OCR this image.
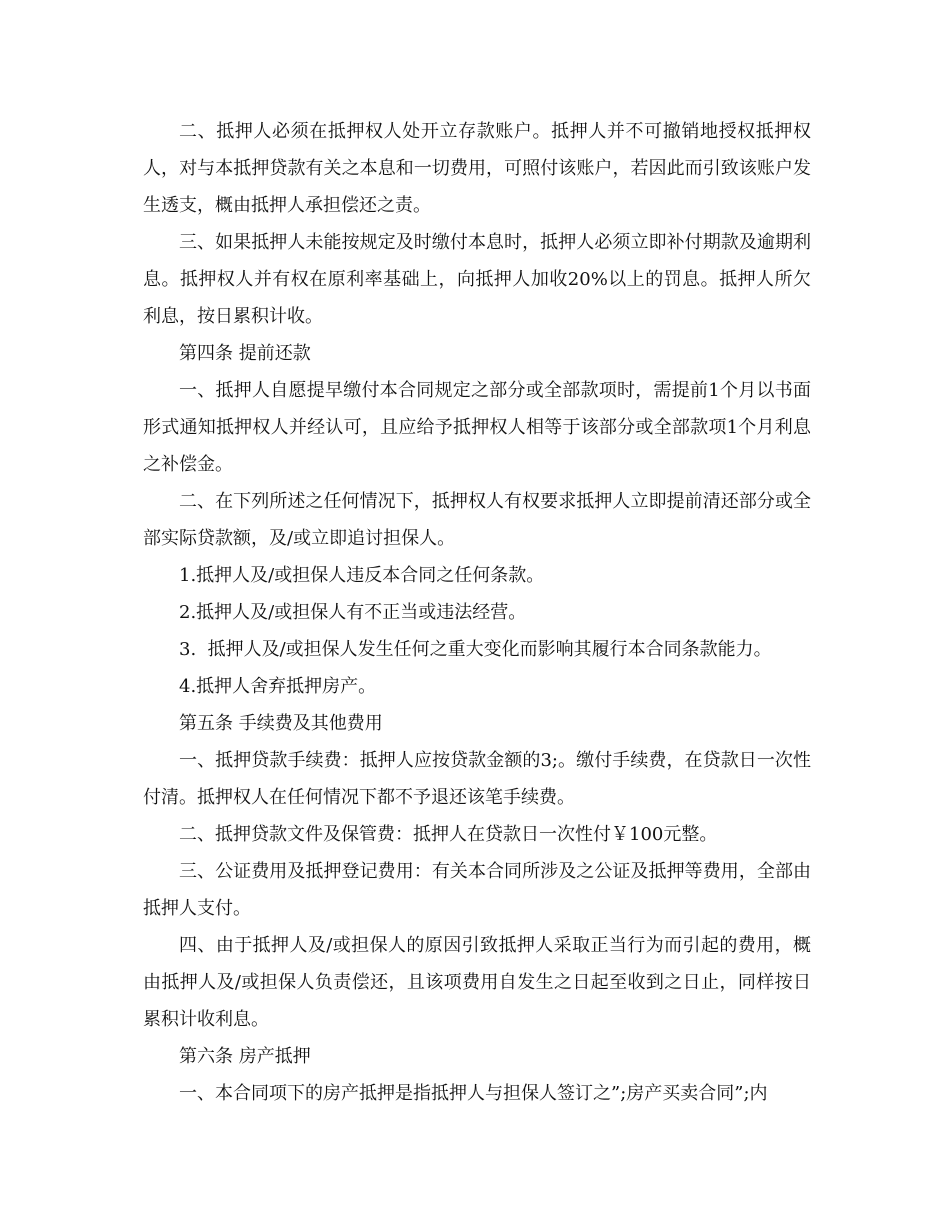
二、抵押人必须在抵押权人处开立存款账户。抵押人并不可撤销地授权抵押权人，对与本抵押贷款有关之本息和一切费用，可照付该账户，若因此而引致该账户发生透支，概由抵押人承担偿还之责。

三、如果抵押人未能按规定及时缴付本息时，抵押人必须立即补付期款及逾期利息。抵押权人并有权在原利率基础上，向抵押人加收20%以上的罚息。抵押人所欠利息，按日累积计收。

第四条 提前还款

一、抵押人自愿提早缴付本合同规定之部分或全部款项时，需提前1个月以书面形式通知抵押权人并经认可，且应给予抵押权人相等于该部分或全部款项1个月利息之补偿金。

二、在下列所述之任何情况下，抵押权人有权要求抵押人立即提前清还部分或全部实际贷款额，及/或立即追讨担保人。

1.抵押人及/或担保人违反本合同之任何条款。

2.抵押人及/或担保人有不正当或违法经营。

3.  抵押人及/或担保人发生任何之重大变化而影响其履行本合同条款能力。

4.抵押人舍弃抵押房产。

第五条 手续费及其他费用

一、抵押贷款手续费：抵押人应按贷款金额的3;。缴付手续费，在贷款日一次性付清。抵押权人在任何情况下都不予退还该笔手续费。

二、抵押贷款文件及保管费：抵押人在贷款日一次性付￥100元整。

三、公证费用及抵押登记费用：有关本合同所涉及之公证及抵押等费用，全部由抵押人支付。

四、由于抵押人及/或担保人的原因引致抵押人采取正当行为而引起的费用，概由抵押人及/或担保人负责偿还，且该项费用自发生之日起至收到之日止，同样按日累积计收利息。

第六条 房产抵押

一、本合同项下的房产抵押是指抵押人与担保人签订之”;房产买卖合同”;内
